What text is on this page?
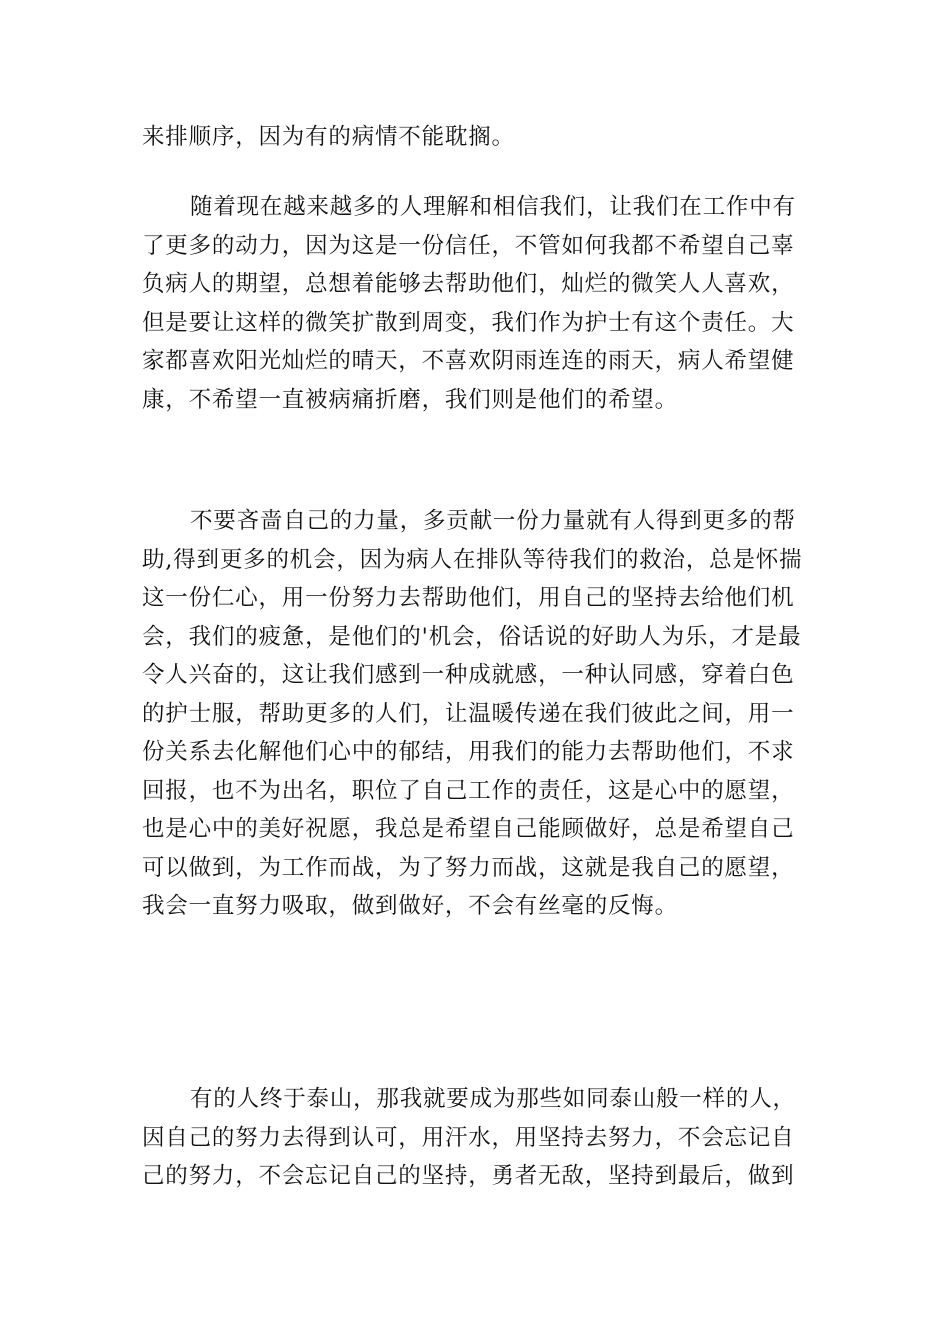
来排顺序，因为有的病情不能耽搁。
随着现在越来越多的人理解和相信我们，让我们在工作中有
了更多的动力，因为这是一份信任，不管如何我都不希望自己辜
负病人的期望，总想着能够去帮助他们，灿烂的微笑人人喜欢，
但是要让这样的微笑扩散到周变，我们作为护士有这个责任。大
家都喜欢阳光灿烂的晴天，不喜欢阴雨连连的雨天，病人希望健
康，不希望一直被病痛折磨，我们则是他们的希望。
不要吝啬自己的力量，多贡献一份力量就有人得到更多的帮
助,得到更多的机会，因为病人在排队等待我们的救治，总是怀揣
这一份仁心，用一份努力去帮助他们，用自己的坚持去给他们机
会，我们的疲惫，是他们的'机会，俗话说的好助人为乐，才是最
令人兴奋的，这让我们感到一种成就感，一种认同感，穿着白色
的护士服，帮助更多的人们，让温暖传递在我们彼此之间，用一
份关系去化解他们心中的郁结，用我们的能力去帮助他们，不求
回报，也不为出名，职位了自己工作的责任，这是心中的愿望，
也是心中的美好祝愿，我总是希望自己能顾做好，总是希望自己
可以做到，为工作而战，为了努力而战，这就是我自己的愿望，
我会一直努力吸取，做到做好，不会有丝毫的反悔。
有的人终于泰山，那我就要成为那些如同泰山般一样的人，
因自己的努力去得到认可，用汗水，用坚持去努力，不会忘记自
己的努力，不会忘记自己的坚持，勇者无敌，坚持到最后，做到
